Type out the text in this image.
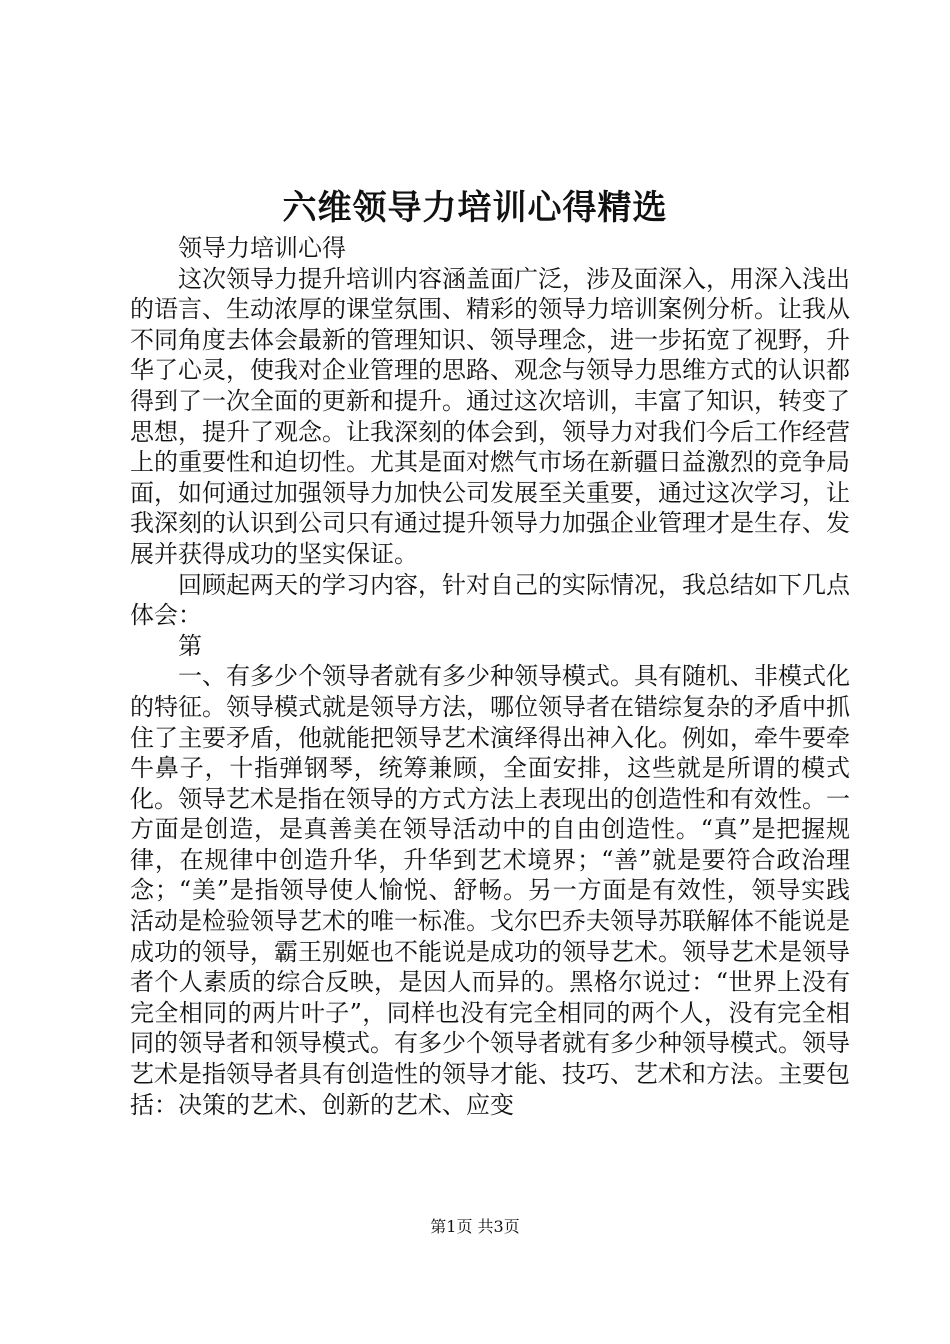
六维领导力培训心得精选

领导力培训心得

这次领导力提升培训内容涵盖面广泛，涉及面深入，用深入浅出的语言、生动浓厚的课堂氛围、精彩的领导力培训案例分析。让我从不同角度去体会最新的管理知识、领导理念，进一步拓宽了视野，升华了心灵，使我对企业管理的思路、观念与领导力思维方式的认识都得到了一次全面的更新和提升。通过这次培训，丰富了知识，转变了思想，提升了观念。让我深刻的体会到，领导力对我们今后工作经营上的重要性和迫切性。尤其是面对燃气市场在新疆日益激烈的竞争局面，如何通过加强领导力加快公司发展至关重要，通过这次学习，让我深刻的认识到公司只有通过提升领导力加强企业管理才是生存、发展并获得成功的坚实保证。

回顾起两天的学习内容，针对自己的实际情况，我总结如下几点体会：

第

一、有多少个领导者就有多少种领导模式。具有随机、非模式化的特征。领导模式就是领导方法，哪位领导者在错综复杂的矛盾中抓住了主要矛盾，他就能把领导艺术演绎得出神入化。例如，牵牛要牵牛鼻子，十指弹钢琴，统筹兼顾，全面安排，这些就是所谓的模式化。领导艺术是指在领导的方式方法上表现出的创造性和有效性。一方面是创造，是真善美在领导活动中的自由创造性。“真”是把握规律，在规律中创造升华，升华到艺术境界；“善”就是要符合政治理念；“美”是指领导使人愉悦、舒畅。另一方面是有效性，领导实践活动是检验领导艺术的唯一标准。戈尔巴乔夫领导苏联解体不能说是成功的领导，霸王别姬也不能说是成功的领导艺术。领导艺术是领导者个人素质的综合反映，是因人而异的。黑格尔说过：“世界上没有完全相同的两片叶子”，同样也没有完全相同的两个人，没有完全相同的领导者和领导模式。有多少个领导者就有多少种领导模式。领导艺术是指领导者具有创造性的领导才能、技巧、艺术和方法。主要包括：决策的艺术、创新的艺术、应变

第1页 共3页
